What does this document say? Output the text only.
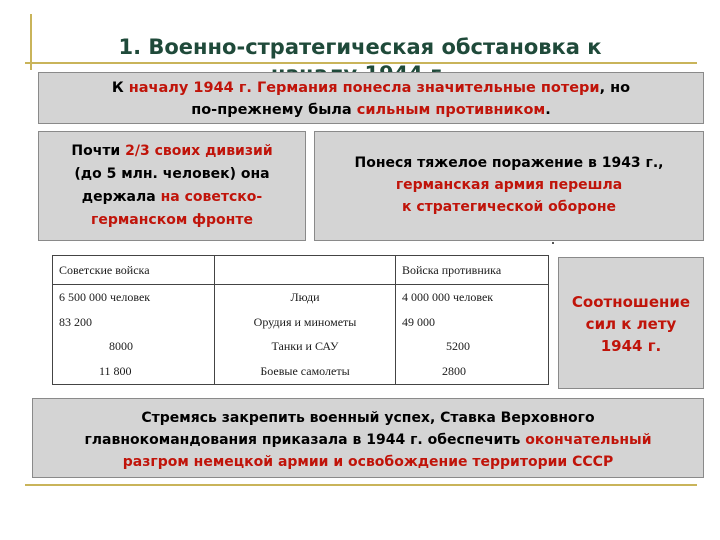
1. Военно-стратегическая обстановка к
К началу 1944 г. Германия понесла значительные потери, но
по-прежнему была сильным противником.
Почти 2/3 своих дивизий
(до 5 млн. человек) она
держала на советско-
германском фронте
Понеся тяжелое поражение в 1943 г.,
германская армия перешла
к стратегической обороне
Советские войска		Войска противника
6 500 000 человек	Люди	4 000 000 человек
83 200	Орудия и минометы	49 000
8000	Танки и САУ	5200
11 800	Боевые самолеты	2800
Соотношение
сил к лету
1944 г.
Стремясь закрепить военный успех, Ставка Верховного
главнокомандования приказала в 1944 г. обеспечить окончательный
разгром немецкой армии и освобождение территории СССР
